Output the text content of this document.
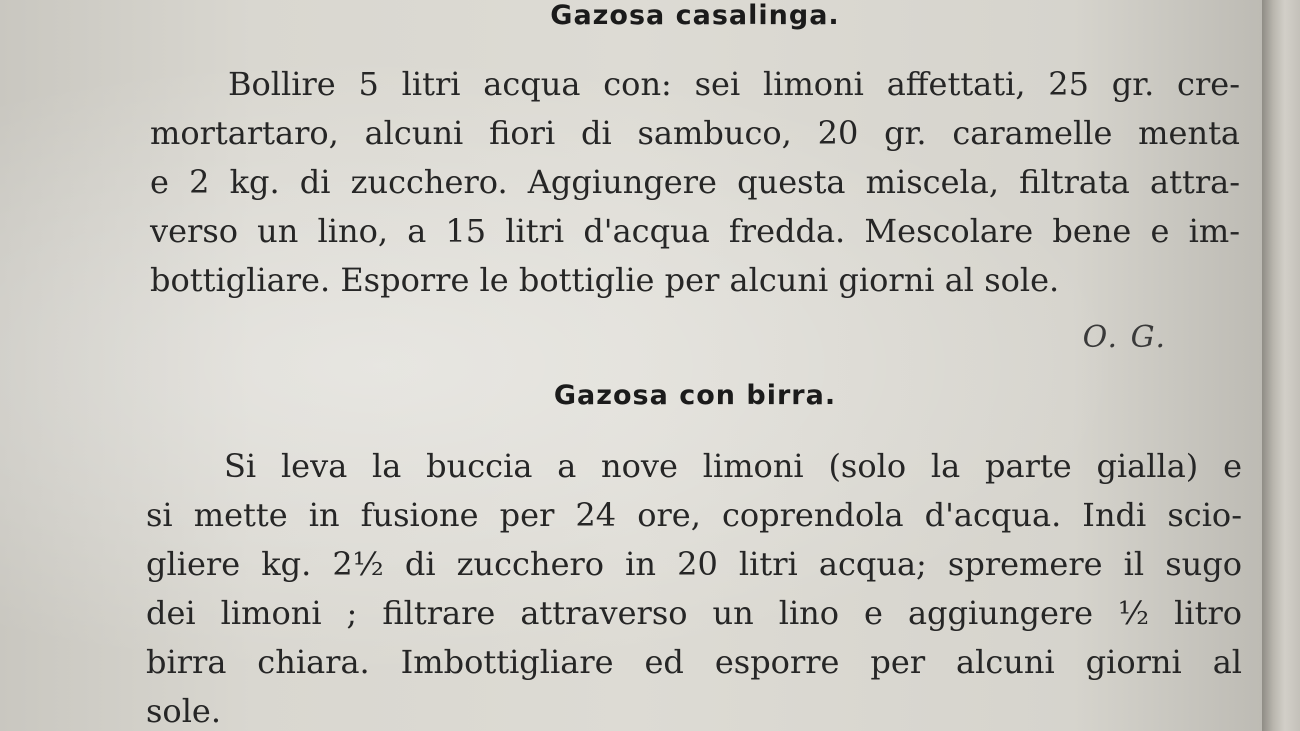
Gazosa casalinga.
Bollire 5 litri acqua con: sei limoni affettati, 25 gr. cre-
mortartaro, alcuni fiori di sambuco, 20 gr. caramelle menta
e 2 kg. di zucchero. Aggiungere questa miscela, filtrata attra-
verso un lino, a 15 litri d'acqua fredda. Mescolare bene e im-
bottigliare. Esporre le bottiglie per alcuni giorni al sole.
O. G.
Gazosa con birra.
Si leva la buccia a nove limoni (solo la parte gialla) e
si mette in fusione per 24 ore, coprendola d'acqua. Indi scio-
gliere kg. 2½ di zucchero in 20 litri acqua; spremere il sugo
dei limoni ; filtrare attraverso un lino e aggiungere ½ litro
birra chiara. Imbottigliare ed esporre per alcuni giorni al
sole.
